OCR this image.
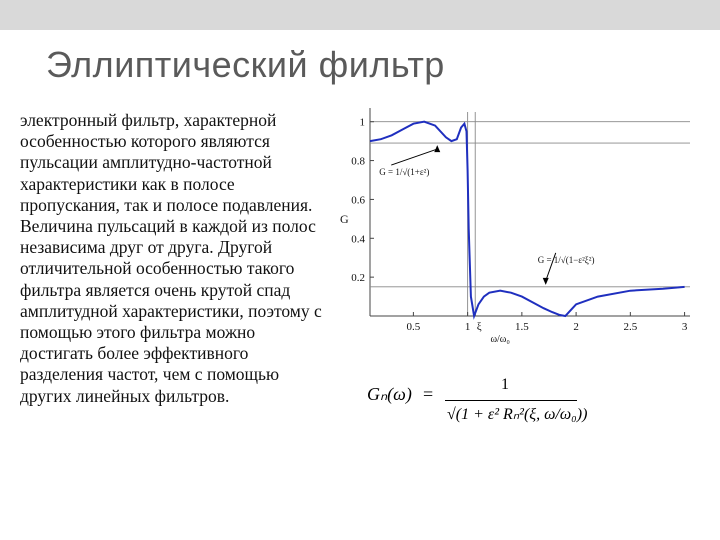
Эллиптический фильтр
электронный фильтр, характерной особенностью которого являются пульсации амплитудно-частотной характеристики как в полосе пропускания, так и полосе подавления. Величина пульсаций в каждой из полос независима друг от друга. Другой отличительной особенностью такого фильтра является очень крутой спад амплитудной характеристики, поэтому с помощью этого фильтра можно достигать более эффективного разделения частот, чем с помощью других линейных фильтров.
0.2
0.4
0.6
0.8
1
0.5	1 ξ	1.5	2	2.5	3
G
ω/ω₀
G = 1/√(1+ε²)
G = 1/√(1−ε²ξ²)
Gₙ(ω) =	1
√(1 + ε² Rₙ²(ξ, ω/ω₀))
